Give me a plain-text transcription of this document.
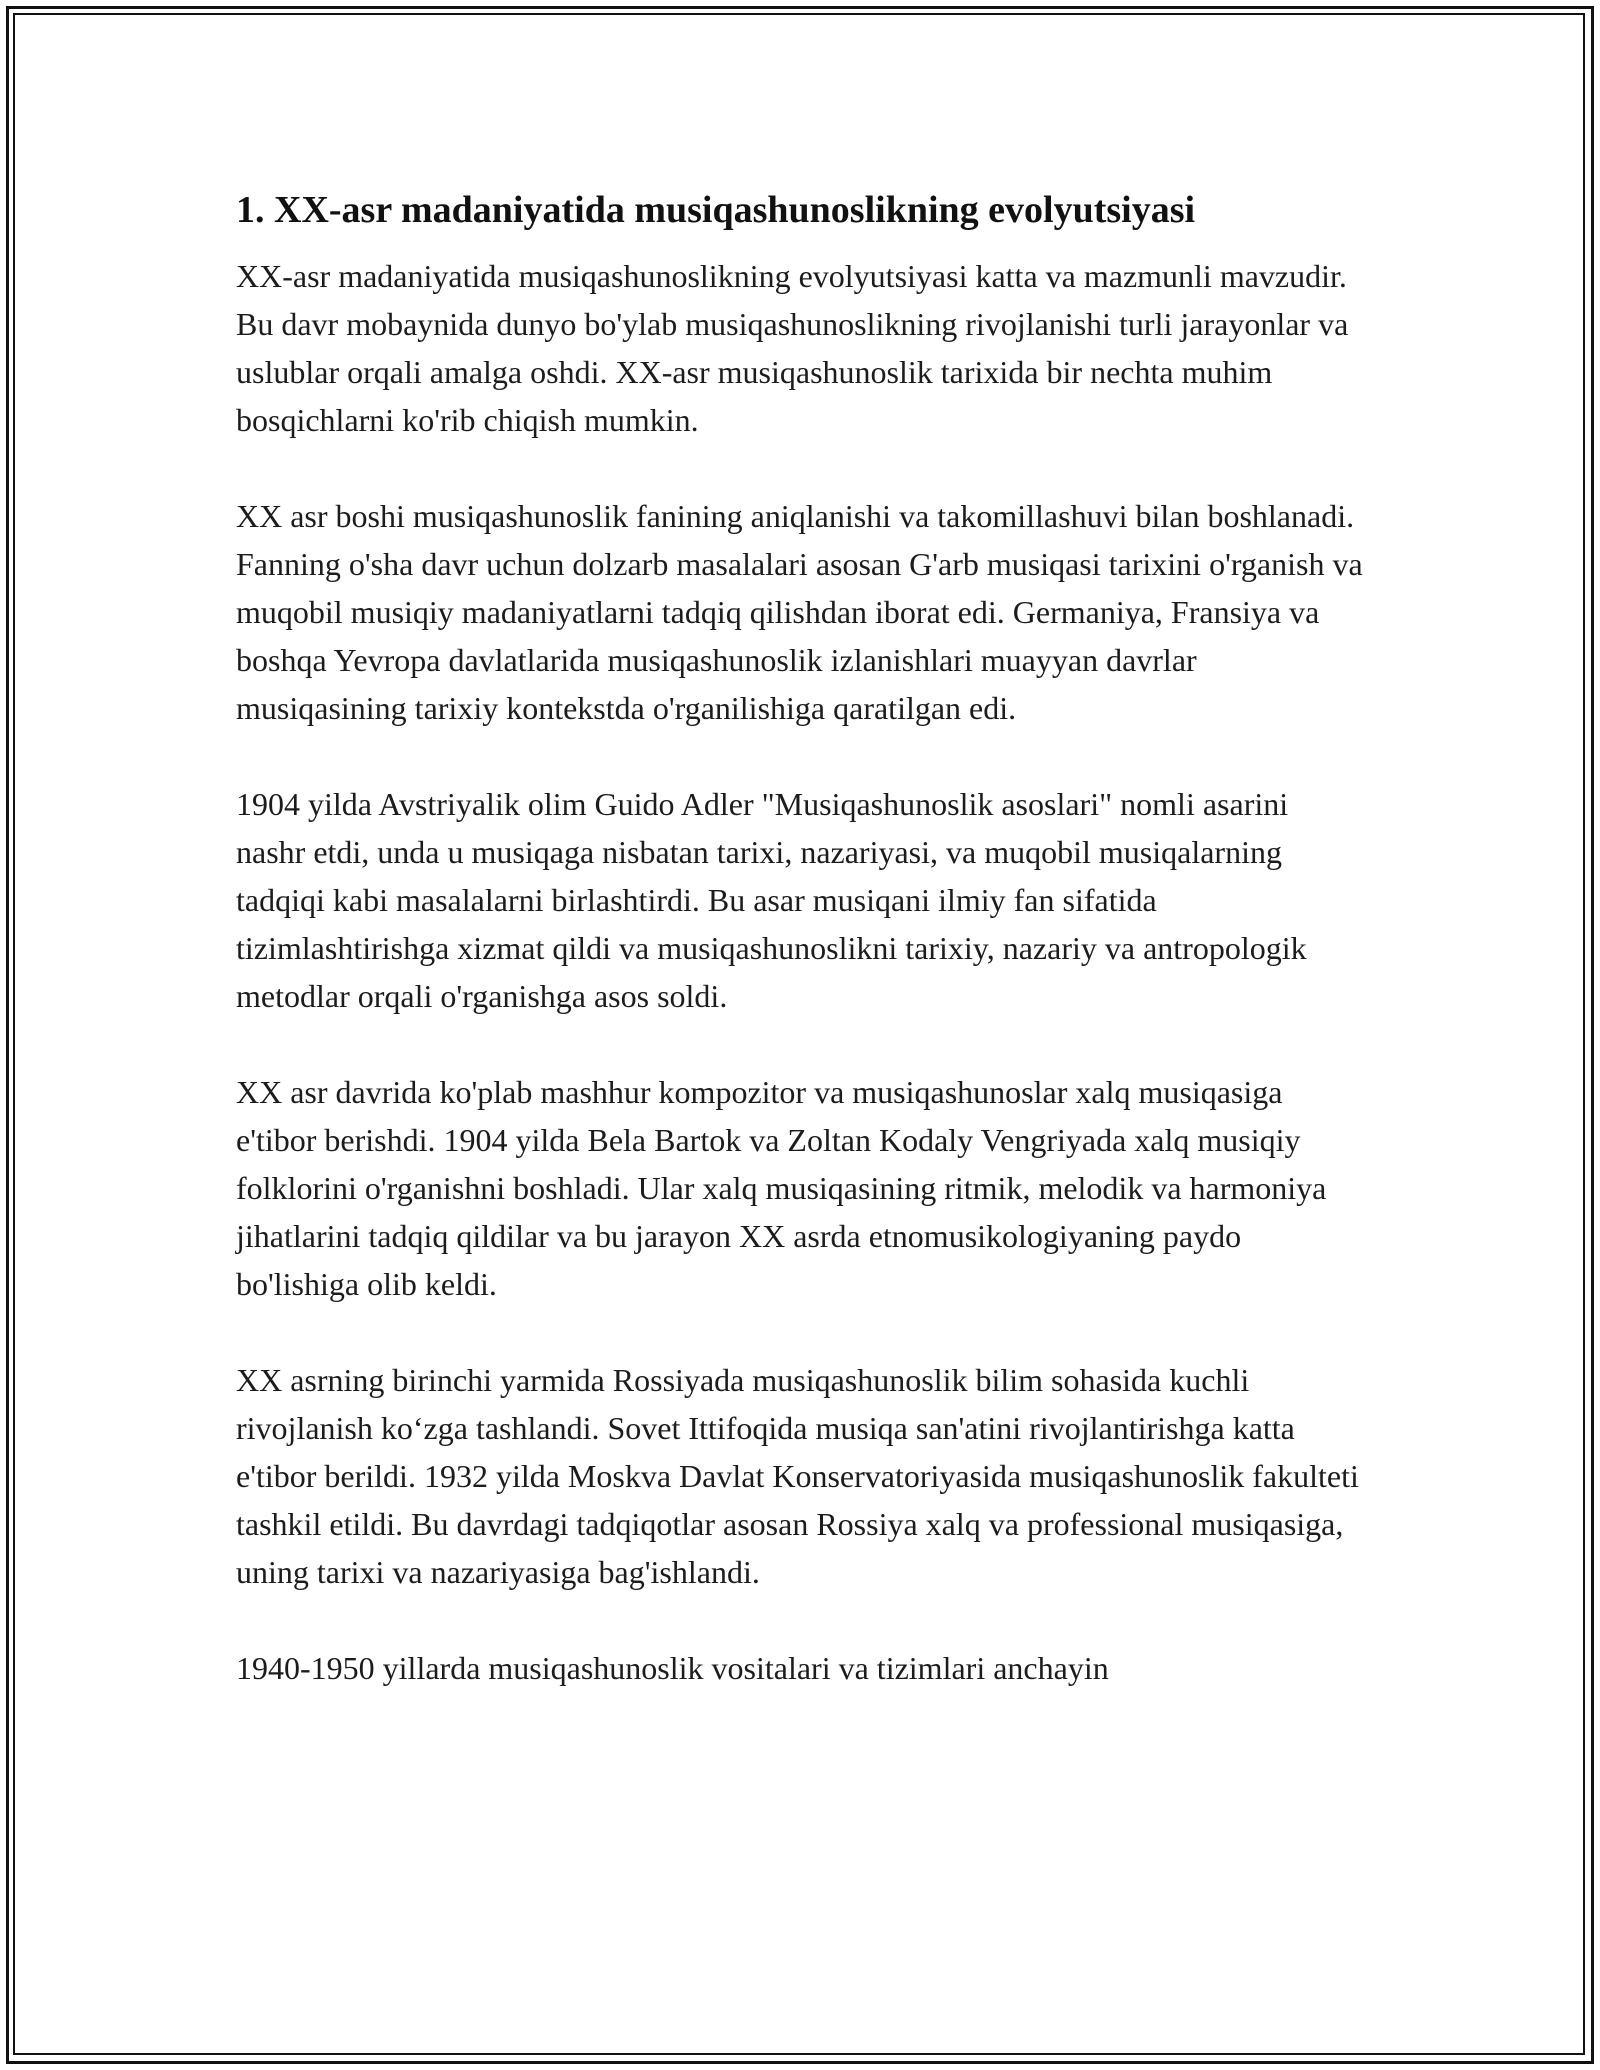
1. XX-asr madaniyatida musiqashunoslikning evolyutsiyasi

XX-asr madaniyatida musiqashunoslikning evolyutsiyasi katta va mazmunli mavzudir. Bu davr mobaynida dunyo bo'ylab musiqashunoslikning rivojlanishi turli jarayonlar va uslublar orqali amalga oshdi. XX-asr musiqashunoslik tarixida bir nechta muhim bosqichlarni ko'rib chiqish mumkin.

XX asr boshi musiqashunoslik fanining aniqlanishi va takomillashuvi bilan boshlanadi. Fanning o'sha davr uchun dolzarb masalalari asosan G'arb musiqasi tarixini o'rganish va muqobil musiqiy madaniyatlarni tadqiq qilishdan iborat edi. Germaniya, Fransiya va boshqa Yevropa davlatlarida musiqashunoslik izlanishlari muayyan davrlar musiqasining tarixiy kontekstda o'rganilishiga qaratilgan edi.

1904 yilda Avstriyalik olim Guido Adler "Musiqashunoslik asoslari" nomli asarini nashr etdi, unda u musiqaga nisbatan tarixi, nazariyasi, va muqobil musiqalarning tadqiqi kabi masalalarni birlashtirdi. Bu asar musiqani ilmiy fan sifatida tizimlashtirishga xizmat qildi va musiqashunoslikni tarixiy, nazariy va antropologik metodlar orqali o'rganishga asos soldi.

XX asr davrida ko'plab mashhur kompozitor va musiqashunoslar xalq musiqasiga e'tibor berishdi. 1904 yilda Bela Bartok va Zoltan Kodaly Vengriyada xalq musiqiy folklorini o'rganishni boshladi. Ular xalq musiqasining ritmik, melodik va harmoniya jihatlarini tadqiq qildilar va bu jarayon XX asrda etnomusikologiyaning paydo bo'lishiga olib keldi.

XX asrning birinchi yarmida Rossiyada musiqashunoslik bilim sohasida kuchli rivojlanish ko‘zga tashlandi. Sovet Ittifoqida musiqa san'atini rivojlantirishga katta e'tibor berildi. 1932 yilda Moskva Davlat Konservatoriyasida musiqashunoslik fakulteti tashkil etildi. Bu davrdagi tadqiqotlar asosan Rossiya xalq va professional musiqasiga, uning tarixi va nazariyasiga bag'ishlandi.

1940-1950 yillarda musiqashunoslik vositalari va tizimlari anchayin
